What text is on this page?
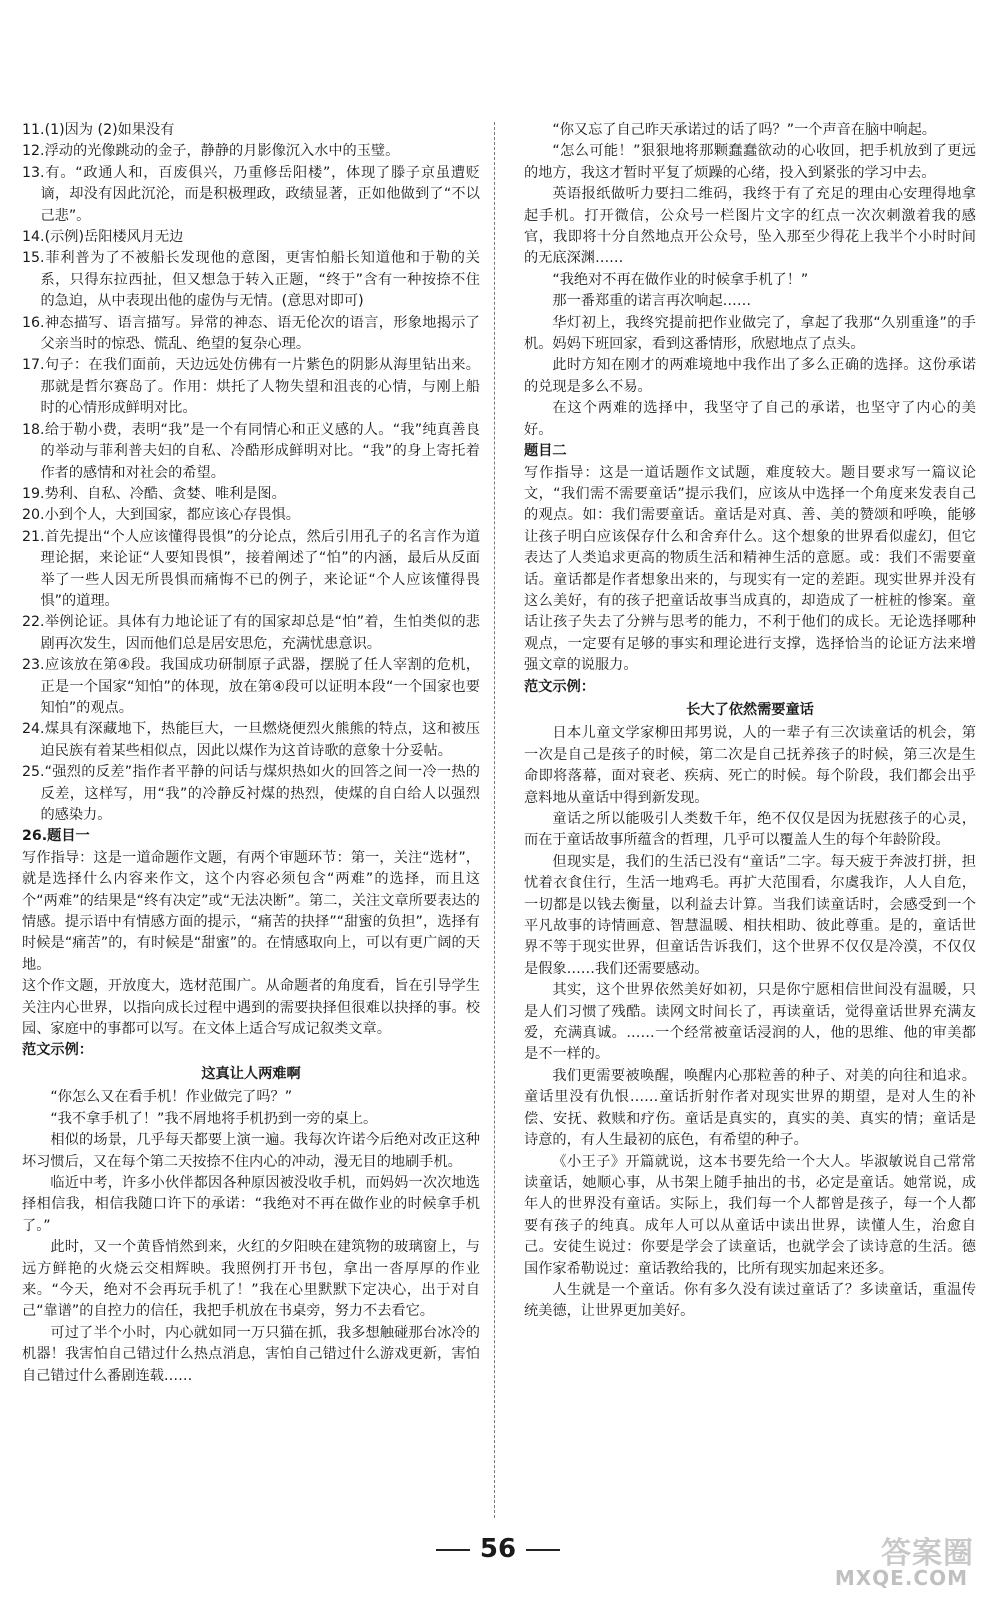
11.(1)因为 (2)如果没有

12.浮动的光像跳动的金子，静静的月影像沉入水中的玉璧。

13.有。“政通人和，百废俱兴，乃重修岳阳楼”，体现了滕子京虽遭贬谪，却没有因此沉沦，而是积极理政，政绩显著，正如他做到了“不以己悲”。

14.(示例)岳阳楼风月无边

15.菲利普为了不被船长发现他的意图，更害怕船长知道他和于勒的关系，只得东拉西扯，但又想急于转入正题，“终于”含有一种按捺不住的急迫，从中表现出他的虚伪与无情。(意思对即可)

16.神态描写、语言描写。异常的神态、语无伦次的语言，形象地揭示了父亲当时的惊恐、慌乱、绝望的复杂心理。

17.句子：在我们面前，天边远处仿佛有一片紫色的阴影从海里钻出来。那就是哲尔赛岛了。作用：烘托了人物失望和沮丧的心情，与刚上船时的心情形成鲜明对比。

18.给于勒小费，表明“我”是一个有同情心和正义感的人。“我”纯真善良的举动与菲利普夫妇的自私、冷酷形成鲜明对比。“我”的身上寄托着作者的感情和对社会的希望。

19.势利、自私、冷酷、贪婪、唯利是图。

20.小到个人，大到国家，都应该心存畏惧。

21.首先提出“个人应该懂得畏惧”的分论点，然后引用孔子的名言作为道理论据，来论证“人要知畏惧”，接着阐述了“怕”的内涵，最后从反面举了一些人因无所畏惧而痛悔不已的例子，来论证“个人应该懂得畏惧”的道理。

22.举例论证。具体有力地论证了有的国家却总是“怕”着，生怕类似的悲剧再次发生，因而他们总是居安思危，充满忧患意识。

23.应该放在第④段。我国成功研制原子武器，摆脱了任人宰割的危机，正是一个国家“知怕”的体现，放在第④段可以证明本段“一个国家也要知怕”的观点。

24.煤具有深藏地下，热能巨大，一旦燃烧便烈火熊熊的特点，这和被压迫民族有着某些相似点，因此以煤作为这首诗歌的意象十分妥帖。

25.“强烈的反差”指作者平静的问话与煤炽热如火的回答之间一冷一热的反差，这样写，用“我”的冷静反衬煤的热烈，使煤的自白给人以强烈的感染力。

26.题目一

写作指导：这是一道命题作文题，有两个审题环节：第一，关注“选材”，就是选择什么内容来作文，这个内容必须包含“两难”的选择，而且这个“两难”的结果是“终有决定”或“无法决断”。第二，关注文章所要表达的情感。提示语中有情感方面的提示，“痛苦的抉择”“甜蜜的负担”，选择有时候是“痛苦”的，有时候是“甜蜜”的。在情感取向上，可以有更广阔的天地。

这个作文题，开放度大，选材范围广。从命题者的角度看，旨在引导学生关注内心世界，以指向成长过程中遇到的需要抉择但很难以抉择的事。校园、家庭中的事都可以写。在文体上适合写成记叙类文章。

范文示例：

这真让人两难啊

“你怎么又在看手机！作业做完了吗？”

“我不拿手机了！”我不屑地将手机扔到一旁的桌上。

相似的场景，几乎每天都要上演一遍。我每次许诺今后绝对改正这种坏习惯后，又在每个第二天按捺不住内心的冲动，漫无目的地刷手机。

临近中考，许多小伙伴都因各种原因被没收手机，而妈妈一次次地选择相信我，相信我随口许下的承诺：“我绝对不再在做作业的时候拿手机了。”

此时，又一个黄昏悄然到来，火红的夕阳映在建筑物的玻璃窗上，与远方鲜艳的火烧云交相辉映。我照例打开书包，拿出一沓厚厚的作业来。“今天，绝对不会再玩手机了！”我在心里默默下定决心，出于对自己“靠谱”的自控力的信任，我把手机放在书桌旁，努力不去看它。

可过了半个小时，内心就如同一万只猫在抓，我多想触碰那台冰冷的机器！我害怕自己错过什么热点消息，害怕自己错过什么游戏更新，害怕自己错过什么番剧连载……

“你又忘了自己昨天承诺过的话了吗？”一个声音在脑中响起。

“怎么可能！”狠狠地将那颗蠢蠢欲动的心收回，把手机放到了更远的地方，我这才暂时平复了烦躁的心绪，投入到紧张的学习中去。

英语报纸做听力要扫二维码，我终于有了充足的理由心安理得地拿起手机。打开微信，公众号一栏图片文字的红点一次次刺激着我的感官，我即将十分自然地点开公众号，坠入那至少得花上我半个小时时间的无底深渊……

“我绝对不再在做作业的时候拿手机了！”

那一番郑重的诺言再次响起……

华灯初上，我终究提前把作业做完了，拿起了我那“久别重逢”的手机。妈妈下班回家，看到这番情形，欣慰地点了点头。

此时方知在刚才的两难境地中我作出了多么正确的选择。这份承诺的兑现是多么不易。

在这个两难的选择中，我坚守了自己的承诺，也坚守了内心的美好。

题目二

写作指导：这是一道话题作文试题，难度较大。题目要求写一篇议论文，“我们需不需要童话”提示我们，应该从中选择一个角度来发表自己的观点。如：我们需要童话。童话是对真、善、美的赞颂和呼唤，能够让孩子明白应该保存什么和舍弃什么。这个想象的世界看似虚幻，但它表达了人类追求更高的物质生活和精神生活的意愿。或：我们不需要童话。童话都是作者想象出来的，与现实有一定的差距。现实世界并没有这么美好，有的孩子把童话故事当成真的，却造成了一桩桩的惨案。童话让孩子失去了分辨与思考的能力，不利于他们的成长。无论选择哪种观点，一定要有足够的事实和理论进行支撑，选择恰当的论证方法来增强文章的说服力。

范文示例：

长大了依然需要童话

日本儿童文学家柳田邦男说，人的一辈子有三次读童话的机会，第一次是自己是孩子的时候，第二次是自己抚养孩子的时候，第三次是生命即将落幕，面对衰老、疾病、死亡的时候。每个阶段，我们都会出乎意料地从童话中得到新发现。

童话之所以能吸引人类数千年，绝不仅仅是因为抚慰孩子的心灵，而在于童话故事所蕴含的哲理，几乎可以覆盖人生的每个年龄阶段。

但现实是，我们的生活已没有“童话”二字。每天疲于奔波打拼，担忧着衣食住行，生活一地鸡毛。再扩大范围看，尔虞我诈，人人自危，一切都是以钱去衡量，以利益去计算。当我们读童话时，会感受到一个平凡故事的诗情画意、智慧温暖、相扶相助、彼此尊重。是的，童话世界不等于现实世界，但童话告诉我们，这个世界不仅仅是冷漠，不仅仅是假象……我们还需要感动。

其实，这个世界依然美好如初，只是你宁愿相信世间没有温暖，只是人们习惯了残酷。读网文时间长了，再读童话，觉得童话世界充满友爱，充满真诚。……一个经常被童话浸润的人，他的思维、他的审美都是不一样的。

我们更需要被唤醒，唤醒内心那粒善的种子、对美的向往和追求。童话里没有仇恨……童话折射作者对现实世界的期望，是对人生的补偿、安抚、救赎和疗伤。童话是真实的，真实的美、真实的情；童话是诗意的，有人生最初的底色，有希望的种子。

《小王子》开篇就说，这本书要先给一个大人。毕淑敏说自己常常读童话，她顺心事，从书架上随手抽出的书，必定是童话。她常说，成年人的世界没有童话。实际上，我们每一个人都曾是孩子，每一个人都要有孩子的纯真。成年人可以从童话中读出世界，读懂人生，治愈自己。安徒生说过：你要是学会了读童话，也就学会了读诗意的生活。德国作家希勒说过：童话教给我的，比所有现实加起来还多。

人生就是一个童话。你有多久没有读过童话了？多读童话，重温传统美德，让世界更加美好。

56	答案圈
MXQE.COM
